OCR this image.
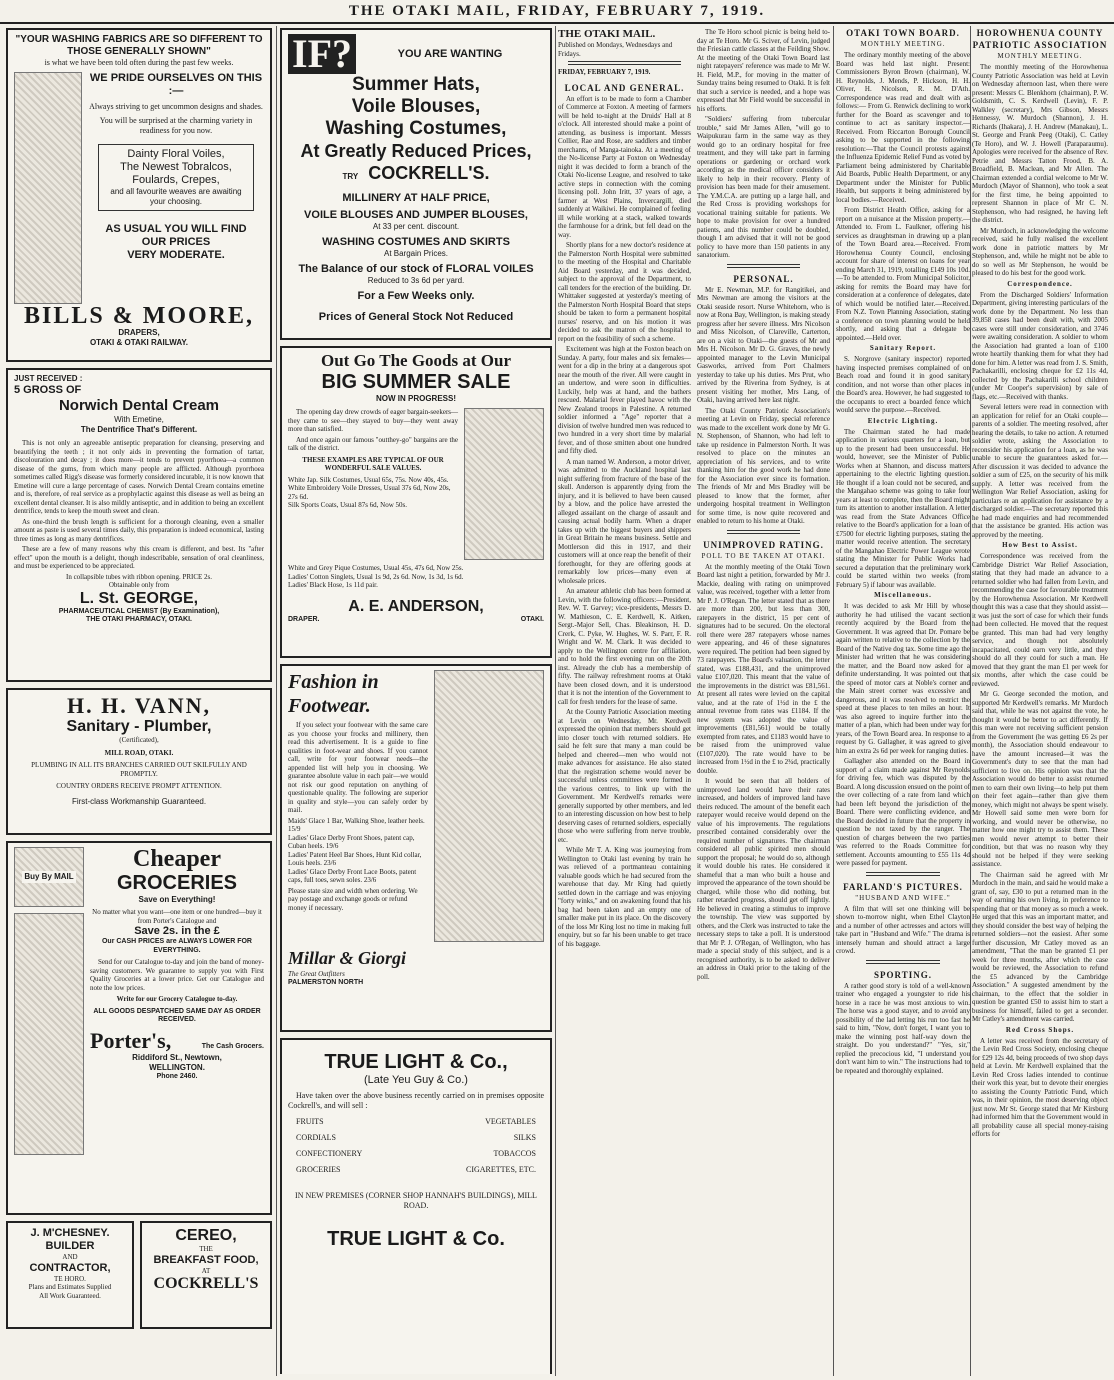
THE OTAKI MAIL, FRIDAY, FEBRUARY 7, 1919.
"YOUR WASHING FABRICS ARE SO DIFFERENT TO THOSE GENERALLY SHOWN"
is what we have been told often during the past few weeks.
WE PRIDE OURSELVES ON THIS :—
Always striving to get uncommon designs and shades.
You will be surprised at the charming variety in readiness for you now.
Dainty Floral Voiles,
The Newest Tobralcos,
Foulards, Crepes,
and all favourite weaves are awaiting your choosing.
AS USUAL YOU WILL FIND
OUR PRICES
VERY MODERATE.
BILLS & MOORE,
DRAPERS,
OTAKI & OTAKI RAILWAY.
JUST RECEIVED :
5 GROSS OF
Norwich Dental Cream
With Emetine,
The Dentrifice That's Different.

This is not only an agreeable antiseptic preparation for cleansing, preserving and beautifying the teeth ; it not only aids in preventing the formation of tartar, discolouration and decay ; it does more—it tends to prevent pyorrhoea—a common disease of the gums, from which many people are afflicted. Although pyorrhoea sometimes called Rigg's disease was formerly considered incurable, it is now known that Emetine will cure a large percentage of cases. Norwich Dental Cream contains emetine and is, therefore, of real service as a prophylactic against this disease as well as being an excellent dental cleanser. It is also mildly antiseptic, and in addition to being an excellent dentrifice, tends to keep the mouth sweet and clean.

As one-third the brush length is sufficient for a thorough cleaning, even a smaller amount as paste is used several times daily, this preparation is indeed economical, lasting three times as long as many dentrifices.

These are a few of many reasons why this cream is different, and best. Its "after effect" upon the mouth is a delight, though indescribable, sensation of oral cleanliness, and must be experienced to be appreciated.

In collapsible tubes with ribbon opening. PRICE 2s.
Obtainable only from
L. St. GEORGE,
PHARMACEUTICAL CHEMIST (By Examination),
THE OTAKI PHARMACY, OTAKI.
H. H. VANN,
Sanitary - Plumber,
(Certificated),
MILL ROAD, OTAKI.
PLUMBING IN ALL ITS BRANCHES CARRIED OUT SKILFULLY AND PROMPTLY.
COUNTRY ORDERS RECEIVE PROMPT ATTENTION.
First-class Workmanship Guaranteed.
Buy By MAIL
Cheaper
GROCERIES
Save on Everything!
No matter what you want—one item or one hundred—buy it from Porter's Catalogue and
Save 2s. in the £
Our CASH PRICES are ALWAYS LOWER FOR EVERYTHING.

Send for our Catalogue to-day and join the band of money-saving customers. We guarantee to supply you with First Quality Groceries at a lower price. Get our Catalogue and note the low prices.

Write for our Grocery Catalogue to-day.
ALL GOODS DESPATCHED SAME DAY AS ORDER RECEIVED.
Porter's,	The Cash Grocers.
Riddiford St., Newtown,
WELLINGTON.
Phone 2460.
J. M'CHESNEY.
BUILDER
AND
CONTRACTOR,
TE HORO.
Plans and Estimates Supplied
All Work Guaranteed.
CEREO,
THE
BREAKFAST FOOD,
AT
COCKRELL'S
IF?	YOU ARE WANTING
Summer Hats,
Voile Blouses,
Washing Costumes,
At Greatly Reduced Prices,
TRY COCKRELL'S.
MILLINERY AT HALF PRICE,
VOILE BLOUSES AND JUMPER BLOUSES,
At 33 per cent. discount.
WASHING COSTUMES AND SKIRTS
At Bargain Prices.
The Balance of our stock of FLORAL VOILES
Reduced to 3s 6d per yard.
For a Few Weeks only.
Prices of General Stock Not Reduced
Out Go The Goods at Our
BIG SUMMER SALE
NOW IN PROGRESS!

The opening day drew crowds of eager bargain-seekers—they came to see—they stayed to buy—they went away more than satisfied.

And once again our famous "outthey-go" bargains are the talk of the district.

THESE EXAMPLES ARE TYPICAL OF OUR WONDERFUL SALE VALUES.
White Jap. Silk Costumes, Usual 65s, 75s. Now 40s, 45s.
White Embroidery Voile Dresses, Usual 37s 6d, Now 20s, 27s 6d.
Silk Sports Coats, Usual 87s 6d, Now 50s.
White and Grey Pique Costumes, Usual 45s, 47s 6d, Now 25s.
Ladies' Cotton Singlets, Usual 1s 9d, 2s 6d. Now, 1s 3d, 1s 6d.
Ladies' Black Hose, 1s 11d pair.
A. E. ANDERSON,
DRAPER.	OTAKI.
Fashion in
Footwear.

If you select your footwear with the same care as you choose your frocks and millinery, then read this advertisement. It is a guide to fine qualities in foot-wear and shoes. If you cannot call, write for your footwear needs—the appended list will help you in choosing. We guarantee absolute value in each pair—we would not risk our good reputation on anything of questionable quality. The following are superior in quality and style—you can safely order by mail.

Maids' Glace 1 Bar, Walking Shoe, leather heels. 15/9
Ladies' Glace Derby Front Shoes, patent cap, Cuban heels. 19/6
Ladies' Patent Heel Bar Shoes, Hunt Kid collar, Louis heels. 23/6
Ladies' Glace Derby Front Lace Boots, patent caps, full toes, sewn soles. 23/6
Please state size and width when ordering. We pay postage and exchange goods or refund money if necessary.
Millar & Giorgi
The Great Outfitters
PALMERSTON NORTH
TRUE LIGHT & Co.,
(Late Yeu Guy & Co.)

Have taken over the above business recently carried on in premises opposite Cockrell's, and will sell :

FRUITS
CORDIALS
CONFECTIONERY
GROCERIES
VEGETABLES
SILKS
TOBACCOS
CIGARETTES, ETC.
IN NEW PREMISES (CORNER SHOP HANNAH'S BUILDINGS), MILL ROAD.
TRUE LIGHT & Co.
THE OTAKI MAIL.
Published on Mondays, Wednesdays and Fridays.
FRIDAY, FEBRUARY 7, 1919.
LOCAL AND GENERAL.

An effort is to be made to form a Chamber of Commerce at Foxton. A meeting of farmers will be held to-night at the Druids' Hall at 8 o'clock. All interested should make a point of attending, as business is important. Messrs Collier, Rae and Rose, are saddlers and timber merchants, of Manga-tainoka. At a meeting of the No-license Party at Foxton on Wednesday night it was decided to form a branch of the Otaki No-license League, and resolved to take active steps in connection with the coming licensing poll. John Iritt, 37 years of age, a farmer at West Plains, Invercargill, died suddenly at Waikiwi. He complained of feeling ill while working at a stack, walked towards the farmhouse for a drink, but fell dead on the way.

Shortly plans for a new doctor's residence at the Palmerston North Hospital were submitted to the meeting of the Hospital and Charitable Aid Board yesterday, and it was decided, subject to the approval of the Department, to call tenders for the erection of the building. Dr. Whittaker suggested at yesterday's meeting of the Palmerston North Hospital Board that steps should be taken to form a permanent hospital nurses' reserve, and on his motion it was decided to ask the matron of the hospital to report on the feasibility of such a scheme.

Excitement was high at the Foxton beach on Sunday. A party, four males and six females—went for a dip in the briny at a dangerous spot near the mouth of the river. All were caught in an undertow, and were soon in difficulties. Luckily, help was at hand, and the bathers rescued. Malarial fever played havoc with the New Zealand troops in Palestine. A returned soldier informed a "Age" reporter that a division of twelve hundred men was reduced to two hundred in a very short time by malarial fever, and of those smitten about one hundred and fifty died.

A man named W. Anderson, a motor driver, was admitted to the Auckland hospital last night suffering from fracture of the base of the skull. Anderson is apparently dying from the injury, and it is believed to have been caused by a blow, and the police have arrested the alleged assailant on the charge of assault and causing actual bodily harm. When a draper takes up with the biggest buyers and shippers in Great Britain he means business. Settle and Mottlerson did this in 1917, and their customers will at once reap the benefit of their forethought, for they are offering goods at remarkably low prices—many even at wholesale prices.

An amateur athletic club has been formed at Levin, with the following officers:—President, Rev. W. T. Garvey; vice-presidents, Messrs D. W. Mathieson, C. E. Kerdwell, K. Aitken, Sergt.-Major Sell, Chas. Bleakinson, H. D. Crerk, C. Pyke, W. Hughes, W. S. Parr, F. R. Wright and W. M. Clark. It was decided to apply to the Wellington centre for affiliation, and to hold the first evening run on the 20th inst. Already the club has a membership of fifty. The railway refreshment rooms at Otaki have been closed down, and it is understood that it is not the intention of the Government to call for fresh tenders for the lease of same.

At the County Patriotic Association meeting at Levin on Wednesday, Mr. Kerdwell expressed the opinion that members should get into closer touch with returned soldiers. He said he felt sure that many a man could be helped and cheered—men who would not make advances for assistance. He also stated that the registration scheme would never be successful unless committees were formed in the various centres, to link up with the Government. Mr Kerdwell's remarks were generally supported by other members, and led to an interesting discussion on how best to help deserving cases of returned soldiers, especially those who were suffering from nerve trouble, etc.

While Mr T. A. King was journeying from Wellington to Otaki last evening by train he was relieved of a portmanteau containing valuable goods which he had secured from the warehouse that day. Mr King had quietly settled down in the carriage and was enjoying "forty winks," and on awakening found that his bag had been taken and an empty one of smaller make put in its place. On the discovery of the loss Mr King lost no time in making full enquiry, but so far his been unable to get trace of his baggage.

The Te Horo school picnic is being held to-day at Te Horo. Mr G. Sciver, of Levin, judged the Friesian cattle classes at the Feilding Show. At the meeting of the Otaki Town Board last night ratepayers' reference was made to Mr W. H. Field, M.P., for moving in the matter of Sunday trains being resumed to Otaki. It is felt that such a service is needed, and a hope was expressed that Mr Field would be successful in his efforts.

"Soldiers' suffering from tubercular trouble," said Mr James Allen, "will go to Waipukurau farm in the same way as they would go to an ordinary hospital for free treatment, and they will take part in farming operations or gardening or orchard work according as the medical officer considers it likely to help in their recovery. Plenty of provision has been made for their amusement. The Y.M.C.A. are putting up a large hall, and the Red Cross is providing workshops for vocational training suitable for patients. We hope to make provision for over a hundred patients, and this number could be doubled, though I am advised that it will not be good policy to have more than 150 patients in any sanatorium.

PERSONAL.

Mr E. Newman, M.P. for Rangitikei, and Mrs Newman are among the visitors at the Otaki seaside resort. Nurse Whitehorn, who is now at Rona Bay, Wellington, is making steady progress after her severe illness. Mrs Nicolson and Miss Nicolson, of Clareville, Carterton, are on a visit to Otaki—the guests of Mr and Mrs H. Nicolson. Mr D. G. Graves, the newly appointed manager to the Levin Municipal Gasworks, arrived from Port Chalmers yesterday to take up his duties. Mrs Prut, who arrived by the Riverina from Sydney, is at present visiting her mother, Mrs Lang, of Otaki, having arrived here last night.

The Otaki County Patriotic Association's meeting at Levin on Friday, special reference was made to the excellent work done by Mr G. N. Stephenson, of Shannon, who had left to take up residence in Palmerston North. It was resolved to place on the minutes an appreciation of his services, and to write thanking him for the good work he had done for the Association ever since its formation. The friends of Mr and Mrs Bradley will be pleased to know that the former, after undergoing hospital treatment in Wellington for some time, is now quite recovered and enabled to return to his home at Otaki.

UNIMPROVED RATING.
POLL TO BE TAKEN AT OTAKI.

At the monthly meeting of the Otaki Town Board last night a petition, forwarded by Mr J. Mackie, dealing with rating on unimproved value, was received, together with a letter from Mr P. J. O'Regan. The letter stated that as there are more than 200, but less than 300, ratepayers in the district, 15 per cent of signatures had to be secured. On the electoral roll there were 287 ratepayers whose names were appearing, and 46 of these signatures were required. The petition had been signed by 73 ratepayers. The Board's valuation, the letter stated, was £188,431, and the unimproved value £107,020. This meant that the value of the improvements in the district was £81,561. At present all rates were levied on the capital value, and at the rate of 1½d in the £ the annual revenue from rates was £1184. If the new system was adopted the value of improvements (£81,561) would be totally exempted from rates, and £1183 would have to be raised from the unimproved value (£107,020). The rate would have to be increased from 1½d in the £ to 2¾d, practically double.

It would be seen that all holders of unimproved land would have their rates increased, and holders of improved land have theirs reduced. The amount of the benefit each ratepayer would receive would depend on the value of his improvements. The regulations prescribed contained considerably over the required number of signatures. The chairman considered all public spirited men should support the proposal; he would do so, although it would double his rates. He considered it shameful that a man who built a house and improved the appearance of the town should be charged, while those who did nothing, but rather retarded progress, should get off lightly. He believed in creating a stimulus to improve the township. The view was supported by others, and the Clerk was instructed to take the necessary steps to take a poll. It is understood that Mr P. J. O'Regan, of Wellington, who has made a special study of this subject, and is a recognised authority, is to be asked to deliver an address in Otaki prior to the taking of the poll.

OTAKI TOWN BOARD.
MONTHLY MEETING.

The ordinary monthly meeting of the above Board was held last night. Present: Commissioners Byron Brown (chairman), W. H. Reynolds, J. Mends, P. Hickson, H. H. Oliver, H. Nicolson, R. M. D'Ath. Correspondence was read and dealt with as follows:— From G. Renwick declining to work further for the Board as scavenger and to continue to act as sanitary inspector.—Received. From Riccarton Borough Council asking to be supported in the following resolution:—That the Council protests against the Influenza Epidemic Relief Fund as voted by Parliament being administered by Charitable Aid Boards, Public Health Department, or any Department under the Minister for Public Health, but supports it being administered by local bodies.—Received.

From District Health Office, asking for a report on a nuisance at the Mission property.—Attended to. From L. Faulkner, offering his services as draughtsman in drawing up a plan of the Town Board area.—Received. From Horowhenua County Council, enclosing account for share of interest on loans for year ending March 31, 1919, totalling £149 10s 10d.—To be attended to. From Municipal Solicitor, asking for remits the Board may have for consideration at a conference of delegates, date of which would be notified later.—Received. From N.Z. Town Planning Association, stating a conference on town planning would be held shortly, and asking that a delegate be appointed.—Held over.

Sanitary Report.

S. Norgrove (sanitary inspector) reported having inspected premises complained of on Beach road and found it in good sanitary condition, and not worse than other places in the Board's area. However, he had suggested to the occupants to erect a boarded fence which would serve the purpose.—Received.

Electric Lighting.

The Chairman stated he had made application in various quarters for a loan, but up to the present had been unsuccessful. He would, however, see the Minister of Public Works when at Shannon, and discuss matters appertaining to the electric lighting question. He thought if a loan could not be secured, and the Mangahao scheme was going to take four years at least to complete, then the Board might turn its attention to another installation. A letter was read from the State Advances Office relative to the Board's application for a loan of £7500 for electric lighting purposes, stating the matter would receive attention. The secretary of the Mangahao Electric Power League wrote stating the Minister for Public Works had secured a deputation that the preliminary work could be started within two weeks (from February 5) if labour was available.

Miscellaneous.

It was decided to ask Mr Hill by whose authority he had utilised the vacant section recently acquired by the Board from the Government. It was agreed that Dr. Pomare be again written to relative to the collection by the Board of the Native dog tax. Some time ago the Minister had written that he was considering the matter, and the Board now asked for a definite understanding. It was pointed out that the speed of motor cars at Noble's corner and the Main street corner was excessive and dangerous, and it was resolved to restrict the speed at these places to ten miles an hour. It was also agreed to inquire further into the matter of a plan, which had been under way for years, of the Town Board area. In response to a request by G. Gallagher, it was agreed to give him an extra 2s 6d per week for ranging duties.

Gallagher also attended on the Board in support of a claim made against Mr Reynolds for driving fee, which was disputed by the Board. A long discussion ensued on the point of the over collecting of a rate from land which had been left beyond the jurisdiction of the Board. There were conflicting evidence, and the Board decided in future that the property in question be not taxed by the ranger. The question of charges between the two parties was referred to the Roads Committee for settlement. Accounts amounting to £55 11s 4d were passed for payment.

FARLAND'S PICTURES.
"HUSBAND AND WIFE."

A film that will set one thinking will be shown to-morrow night, when Ethel Clayton and a number of other actresses and actors will take part in "Husband and Wife." The drama is intensely human and should attract a large crowd.

SPORTING.

A rather good story is told of a well-known trainer who engaged a youngster to ride his horse in a race he was most anxious to win. The horse was a good stayer, and to avoid any possibility of the lad letting his run too fast he said to him, "Now, don't forget, I want you to make the winning post half-way down the straight. Do you understand?" "Yes, sir," replied the precocious kid, "I understand you don't want him to win." The instructions had to be repeated and thoroughly explained.

HOROWHENUA COUNTY
PATRIOTIC ASSOCIATION
MONTHLY MEETING.

The monthly meeting of the Horowhenua County Patriotic Association was held at Levin on Wednesday afternoon last, when there were present: Messrs C. Blenkhorn (chairman), P. W. Goldsmith, C. S. Kerdwell (Levin), F. P. Walkley (secretary), Mrs Gibson, Messrs Hennessy, W. Murdoch (Shannon), J. H. Richards (Ihakara), J. H. Andrew (Manakau), L. St. George and Frank Peeg (Otaki), C. Catley (Te Horo), and W. J. Howell (Paraparaumu). Apologies were received for the absence of Rev. Petrie and Messrs Tatton Frood, B. A. Broadfield, B. Maclean, and Mr Allen. The Chairman extended a cordial welcome to Mr W. Murdoch (Mayor of Shannon), who took a seat for the first time, he being appointed to represent Shannon in place of Mr C. N. Stephenson, who had resigned, he having left the district.

Mr Murdoch, in acknowledging the welcome received, said he fully realised the excellent work done in patriotic matters by Mr Stephenson, and, while he might not be able to do so well as Mr Stephenson, he would be pleased to do his best for the good work.

Correspondence.

From the Discharged Soldiers' Information Department, giving interesting particulars of the work done by the Department. No less than 39,858 cases had been dealt with, with 2005 cases were still under consideration, and 3746 were awaiting consideration. A soldier to whom the Association had granted a loan of £100 wrote heartily thanking them for what they had done for him. A letter was read from J. S. Smith, Pachakarilli, enclosing cheque for £2 11s 4d, collected by the Pachakarilli school children (under Mr Cooper's supervision) by sale of flags, etc.—Received with thanks.

Several letters were read in connection with an application for relief for an Otaki couple—parents of a soldier. The meeting resolved, after hearing the details, to take no action. A returned soldier wrote, asking the Association to reconsider his application for a loan, as he was unable to secure the guarantees asked for.—After discussion it was decided to advance the soldier a sum of £25, on the security of his milk supply. A letter was received from the Wellington War Relief Association, asking for particulars re an application for assistance by a discharged soldier.—The secretary reported this he had made enquiries and had recommended that the assistance be granted. His action was approved by the meeting.

How Best to Assist.

Correspondence was received from the Cambridge District War Relief Association, stating that they had made an advance to a returned soldier who had fallen from Levin, and recommending the case for favourable treatment by the Horowhenua Association. Mr Kerdwell thought this was a case that they should assist—it was just the sort of case for which their funds had been collected. He moved that the request be granted. This man had had very lengthy service, and though not absolutely incapacitated, could earn very little, and they should do all they could for such a man. He moved that they grant the man £1 per week for six months, after which the case could be reviewed.

Mr G. George seconded the motion, and supported Mr Kerdwell's remarks. Mr Murdoch said that, while he was not against the vote, he thought it would be better to act differently. If this man were not receiving sufficient pension from the Government (he was getting £6 2s per month), the Association should endeavour to have the amount increased—it was the Government's duty to see that the man had sufficient to live on. His opinion was that the Association would do better to assist returned men to earn their own living—to help put them on their feet again—rather than give them money, which might not always be spent wisely. Mr Howell said some men were born for working, and would never be otherwise, no matter how one might try to assist them. These men would never attempt to better their condition, but that was no reason why they should not be helped if they were seeking assistance.

The Chairman said he agreed with Mr Murdoch in the main, and said he would make a grant of, say, £30 to put a returned man in the way of earning his own living, in preference to spending that or that money as so much a week. He urged that this was an important matter, and they should consider the best way of helping the returned soldiers—not the easiest. After some further discussion, Mr Catley moved as an amendment, "That the man be granted £1 per week for three months, after which the case would be reviewed, the Association to refund the £5 advanced by the Cambridge Association." A suggested amendment by the chairman, to the effect that the soldier in question be granted £50 to assist him to start a business for himself, failed to get a seconder. Mr Catley's amendment was carried.

Red Cross Shops.

A letter was received from the secretary of the Levin Red Cross Society, enclosing cheque for £29 12s 4d, being proceeds of two shop days held at Levin. Mr Kerdwell explained that the Levin Red Cross ladies intended to continue their work this year, but to devote their energies to assisting the County Patriotic Fund, which was, in their opinion, the most deserving object just now. Mr St. George stated that Mr Kirsburg had informed him that the Government would in all probability cause all special money-raising efforts for
